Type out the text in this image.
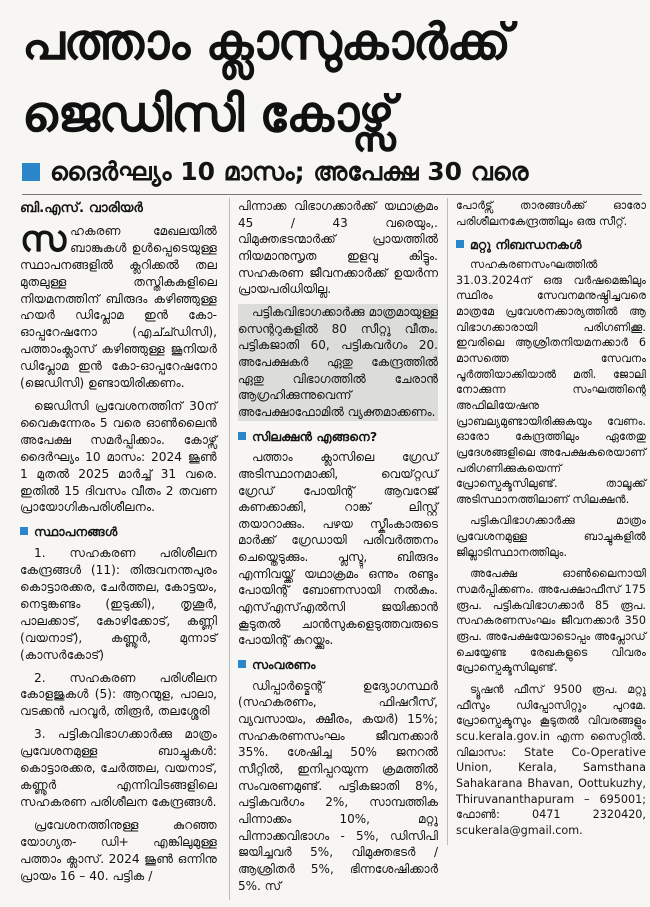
പത്താം ക്ലാസുകാർക്ക്
ജെഡിസി കോഴ്സ്
ദൈർഘ്യം 10 മാസം; അപേക്ഷ 30 വരെ
ബി.എസ്. വാരിയർ

സഹകരണ മേഖലയിൽ ബാങ്കുകൾ ഉൾപ്പെടെയുള്ള സ്ഥാപനങ്ങളിൽ ക്ലറിക്കൽ തല മുതലുള്ള തസ്തികകളിലെ നിയമനത്തിന് ബിരുദം കഴിഞ്ഞുള്ള ഹയർ ഡിപ്ലോമ ഇൻ കോ-ഓപ്പറേഷനോ (എച്ച്ഡിസി), പത്താംക്ലാസ് കഴിഞ്ഞുള്ള ജൂനിയർ ഡിപ്ലോമ ഇൻ കോ-ഓപ്പറേഷനോ (ജെഡിസി) ഉണ്ടായിരിക്കണം.

ജെഡിസി പ്രവേശനത്തിന് 30ന് വൈകുന്നേരം 5 വരെ ഓൺലൈൻ അപേക്ഷ സമർപ്പിക്കാം. കോഴ്സ് ദൈർഘ്യം 10 മാസം: 2024 ജൂൺ 1 മുതൽ 2025 മാർച്ച് 31 വരെ. ഇതിൽ 15 ദിവസം വീതം 2 തവണ പ്രായോഗികപരിശീലനം.

സ്ഥാപനങ്ങൾ

1. സഹകരണ പരിശീലന കേന്ദ്രങ്ങൾ (11): തിരുവനന്തപുരം കൊട്ടാരക്കര, ചേർത്തല, കോട്ടയം, നെടുങ്കണ്ടം (ഇടുക്കി), തൃശൂർ, പാലക്കാട്, കോഴിക്കോട്, കണ്ണി (വയനാട്), കണ്ണൂർ, മുന്നാട് (കാസർകോട്)

2. സഹകരണ പരിശീലന കോളജുകൾ (5): ആറന്മുള, പാലാ, വടക്കൻ പറവൂർ, തിരൂർ, തലശ്ശേരി

3. പട്ടികവിഭാഗക്കാർക്കു മാത്രം പ്രവേശനമുള്ള ബാച്ചുകൾ: കൊട്ടാരക്കര, ചേർത്തല, വയനാട്, കണ്ണൂർ എന്നിവിടങ്ങളിലെ സഹകരണ പരിശീലന കേന്ദ്രങ്ങൾ.

പ്രവേശനത്തിനുള്ള കുറഞ്ഞ യോഗ്യത- ഡി+ എങ്കിലുമുള്ള പത്താം ക്ലാസ്. 2024 ജൂൺ ഒന്നിനു പ്രായം 16 – 40. പട്ടിക /

പിന്നാക്ക വിഭാഗക്കാർക്ക് യഥാക്രമം 45 / 43 വരെയും,. വിമുക്തഭടന്മാർക്ക് പ്രായത്തിൽ നിയമാനുസൃത ഇളവു കിട്ടും. സഹകരണ ജീവനക്കാർക്ക് ഉയർന്ന പ്രായപരിധിയില്ല.

പട്ടികവിഭാഗക്കാർക്കു മാത്രമായുള്ള സെന്ററുകളിൽ 80 സീറ്റു വീതം. പട്ടികജാതി 60, പട്ടികവർഗം 20. അപേക്ഷകർ ഏതു കേന്ദ്രത്തിൽ ഏതു വിഭാഗത്തിൽ ചേരാൻ ആഗ്രഹിക്കുന്നുവെന്ന് അപേക്ഷാഫോമിൽ വ്യക്തമാക്കണം.

സിലക്ഷൻ എങ്ങനെ?

പത്താം ക്ലാസിലെ ഗ്രേഡ് അടിസ്ഥാനമാക്കി, വെയ്റ്റഡ് ഗ്രേഡ് പോയിന്റ് ആവറേജ് കണക്കാക്കി, റാങ്ക് ലിസ്റ്റ് തയാറാക്കും. പഴയ സ്കീംകാരുടെ മാർക്ക് ഗ്രേഡായി പരിവർത്തനം ചെയ്തെടുക്കും. പ്ലസ്ടു, ബിരുദം എന്നിവയ്ക്ക് യഥാക്രമം ഒന്നും രണ്ടും പോയിന്റ് ബോണസായി നൽകും. എസ്എസ്എൽസി ജയിക്കാൻ കൂടുതൽ ചാൻസുകളെടുത്തവരുടെ പോയിന്റ് കുറയ്ക്കും.

സംവരണം

ഡിപ്പാർട്മെന്റ് ഉദ്യോഗസ്ഥർ (സഹകരണം, ഫിഷറീസ്, വ്യവസായം, ക്ഷീരം, കയർ) 15%; സഹകരണസംഘം ജീവനക്കാർ 35%. ശേഷിച്ച 50% ജനറൽ സീറ്റിൽ, ഇനിപ്പറയുന്ന ക്രമത്തിൽ സംവരണമുണ്ട്. പട്ടികജാതി 8%, പട്ടികവർഗം 2%, സാമ്പത്തിക പിന്നാക്കം 10%, മറ്റു പിന്നാക്കവിഭാഗം - 5%, ഡിസിപി ജയിച്ചവർ 5%, വിമുക്തഭടർ / ആശ്രിതർ 5%, ഭിന്നശേഷിക്കാർ 5%. സ്

പോർട്സ് താരങ്ങൾക്ക് ഓരോ പരിശീലനകേന്ദ്രത്തിലും ഒരു സീറ്റ്.

മറ്റു നിബന്ധനകൾ

സഹകരണസംഘത്തിൽ 31.03.2024ന് ഒരു വർഷമെങ്കിലും സ്ഥിരം സേവനമനുഷ്ഠിച്ചവരെ മാത്രമേ പ്രവേശനക്കാര്യത്തിൽ ആ വിഭാഗക്കാരായി പരിഗണിക്കൂ. ഇവരിലെ ആശ്രിതനിയമനക്കാർ 6 മാസത്തെ സേവനം പൂർത്തിയാക്കിയാൽ മതി. ജോലി നോക്കുന്ന സംഘത്തിന്റെ അഫിലിയേഷനു പ്രാബല്യമുണ്ടായിരിക്കുകയും വേണം. ഓരോ കേന്ദ്രത്തിലും ഏതേതു പ്രദേശങ്ങളിലെ അപേക്ഷകരെയാണ് പരിഗണിക്കുകയെന്ന് പ്രോസ്പെക്ടസിലുണ്ട്. താലൂക്ക് അടിസ്ഥാനത്തിലാണ് സിലക്ഷൻ.

പട്ടികവിഭാഗക്കാർക്കു മാത്രം പ്രവേശനമുള്ള ബാച്ചുകളിൽ ജില്ലാടിസ്ഥാനത്തിലും.

അപേക്ഷ ഓൺലൈനായി സമർപ്പിക്കണം. അപേക്ഷാഫീസ് 175 രൂപ. പട്ടികവിഭാഗക്കാർ 85 രൂപ. സഹകരണസംഘം ജീവനക്കാർ 350 രൂപ. അപേക്ഷയോടൊപ്പം അപ്ലോഡ് ചെയ്യേണ്ട രേഖകളുടെ വിവരം പ്രോസ്പെക്ടസിലുണ്ട്.

ട്യൂഷൻ ഫീസ് 9500 രൂപ. മറ്റു ഫീസും ഡിപ്പോസിറ്റും പുറമേ. പ്രോസ്പെക്ടസും കൂടുതൽ വിവരങ്ങളും scu.kerala.gov.in എന്ന സൈറ്റിൽ. വിലാസം: State Co-Operative Union, Kerala, Samsthana Sahakarana Bhavan, Oottukuzhy, Thiruvananthapuram – 695001; ഫോൺ: 0471 2320420, scukerala@gmail.com.
